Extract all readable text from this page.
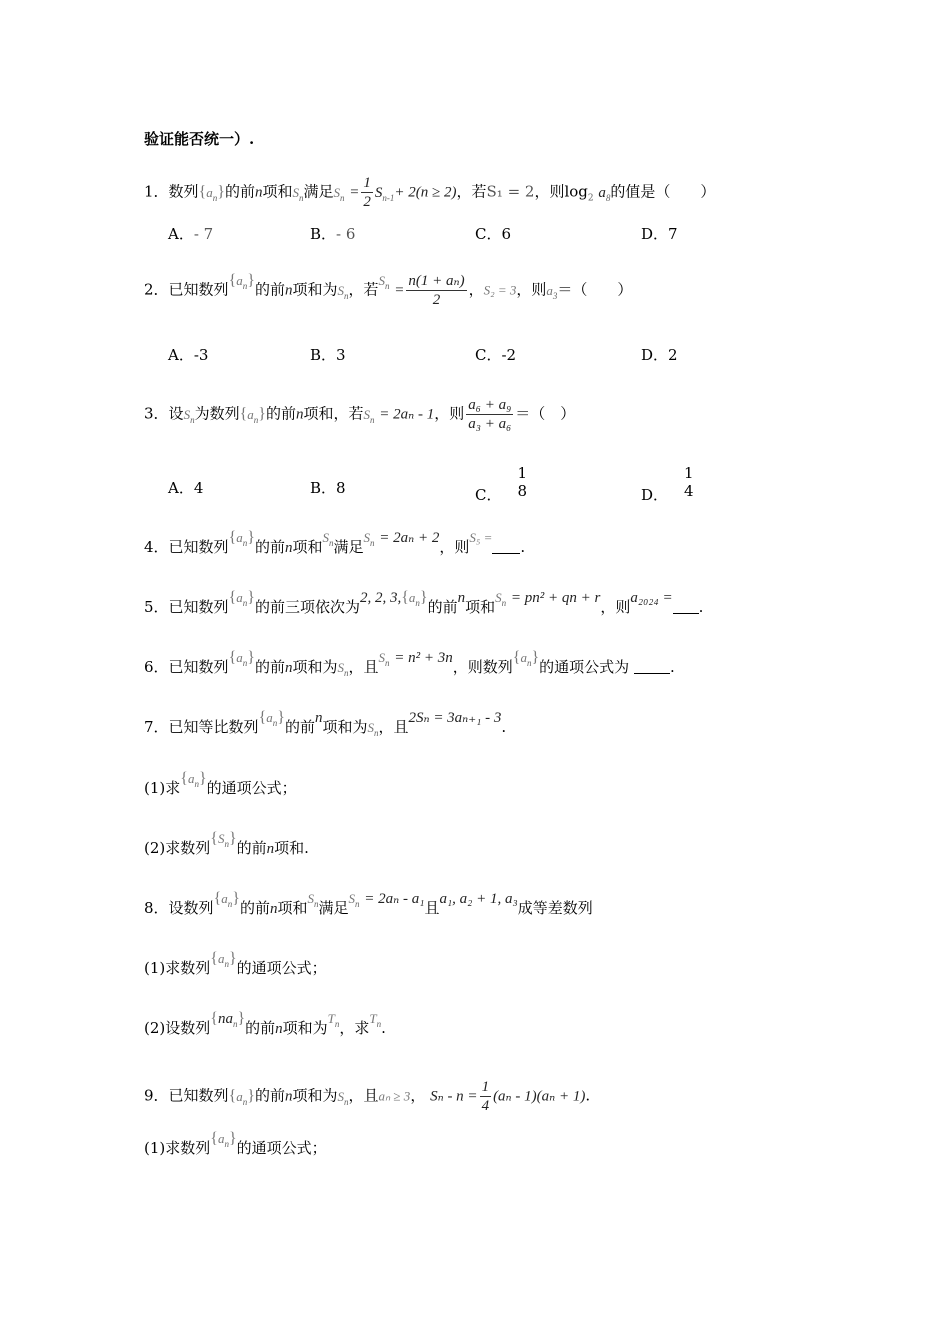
验证能否统一）.
1．数列$\{a_n\}$的前n项和$S_n$满足$S_n = \frac{1}{2} S_{n-1}+ 2(n \ge 2)$，若S₁ = 2，则$\log_2 a_8$的值是（　　）
A．- 7	B．- 6	C．6	D．7
2．已知数列$\{a_n\}$的前n项和为$S_n$，若$S_n = \frac{\text{n(1 + aₙ)}}{2}$ ，S₂ = 3，则$a_3=$（　　）
A．-3	B．3	C．-2	D．2
3．设$S_n$为数列$\{a_n\}$的前n项和，若$S_n = 2a_n - 1$，则 $\frac{\text{a₆ + a₉}}{\text{a₃ + a₆}}$ ＝（　）
A．4	B．8	C．
1
8	D．
1
4
4．已知数列$\{a_n\}$的前n项和$S_n$满足$S_n = 2a_n + 2$，则S₅ =.
5．已知数列$\{a_n\}$的前三项依次为2, 2, $3,\{a_n\}$的前n项和$S_n = pn^2$ + qn + r，则a₂₀₂₄ = .
6．已知数列$\{a_n\}$的前n项和为$S_n$，且$S_n = n^2 + 3n$，则数列$\{a_n\}$的通项公式为	.
7．已知等比数列$\{a_n\}$的前n项和为$S_n$，且2Sₙ = 3aₙ₊₁ - 3.
(1)求$\{a_n\}$的通项公式；
(2)求数列$\{S_n\}$的前n项和.
8．设数列$\{a_n\}$的前n项和$S_n$满足$S_n = 2a_n - a_1$且a₁, a₂ + 1, a₃成等差数列
(1)求数列$\{a_n\}$的通项公式；
(2)设数列$\{na_n\}$的前n项和为$T_n$，求$T_n$.
9．已知数列$\{a_n\}$的前n项和为$S_n$，且aₙ ≥ 3， $S_n - n = \frac{1}{4} (a_n - 1)(a_n + 1)$.
(1)求数列$\{a_n\}$的通项公式；
